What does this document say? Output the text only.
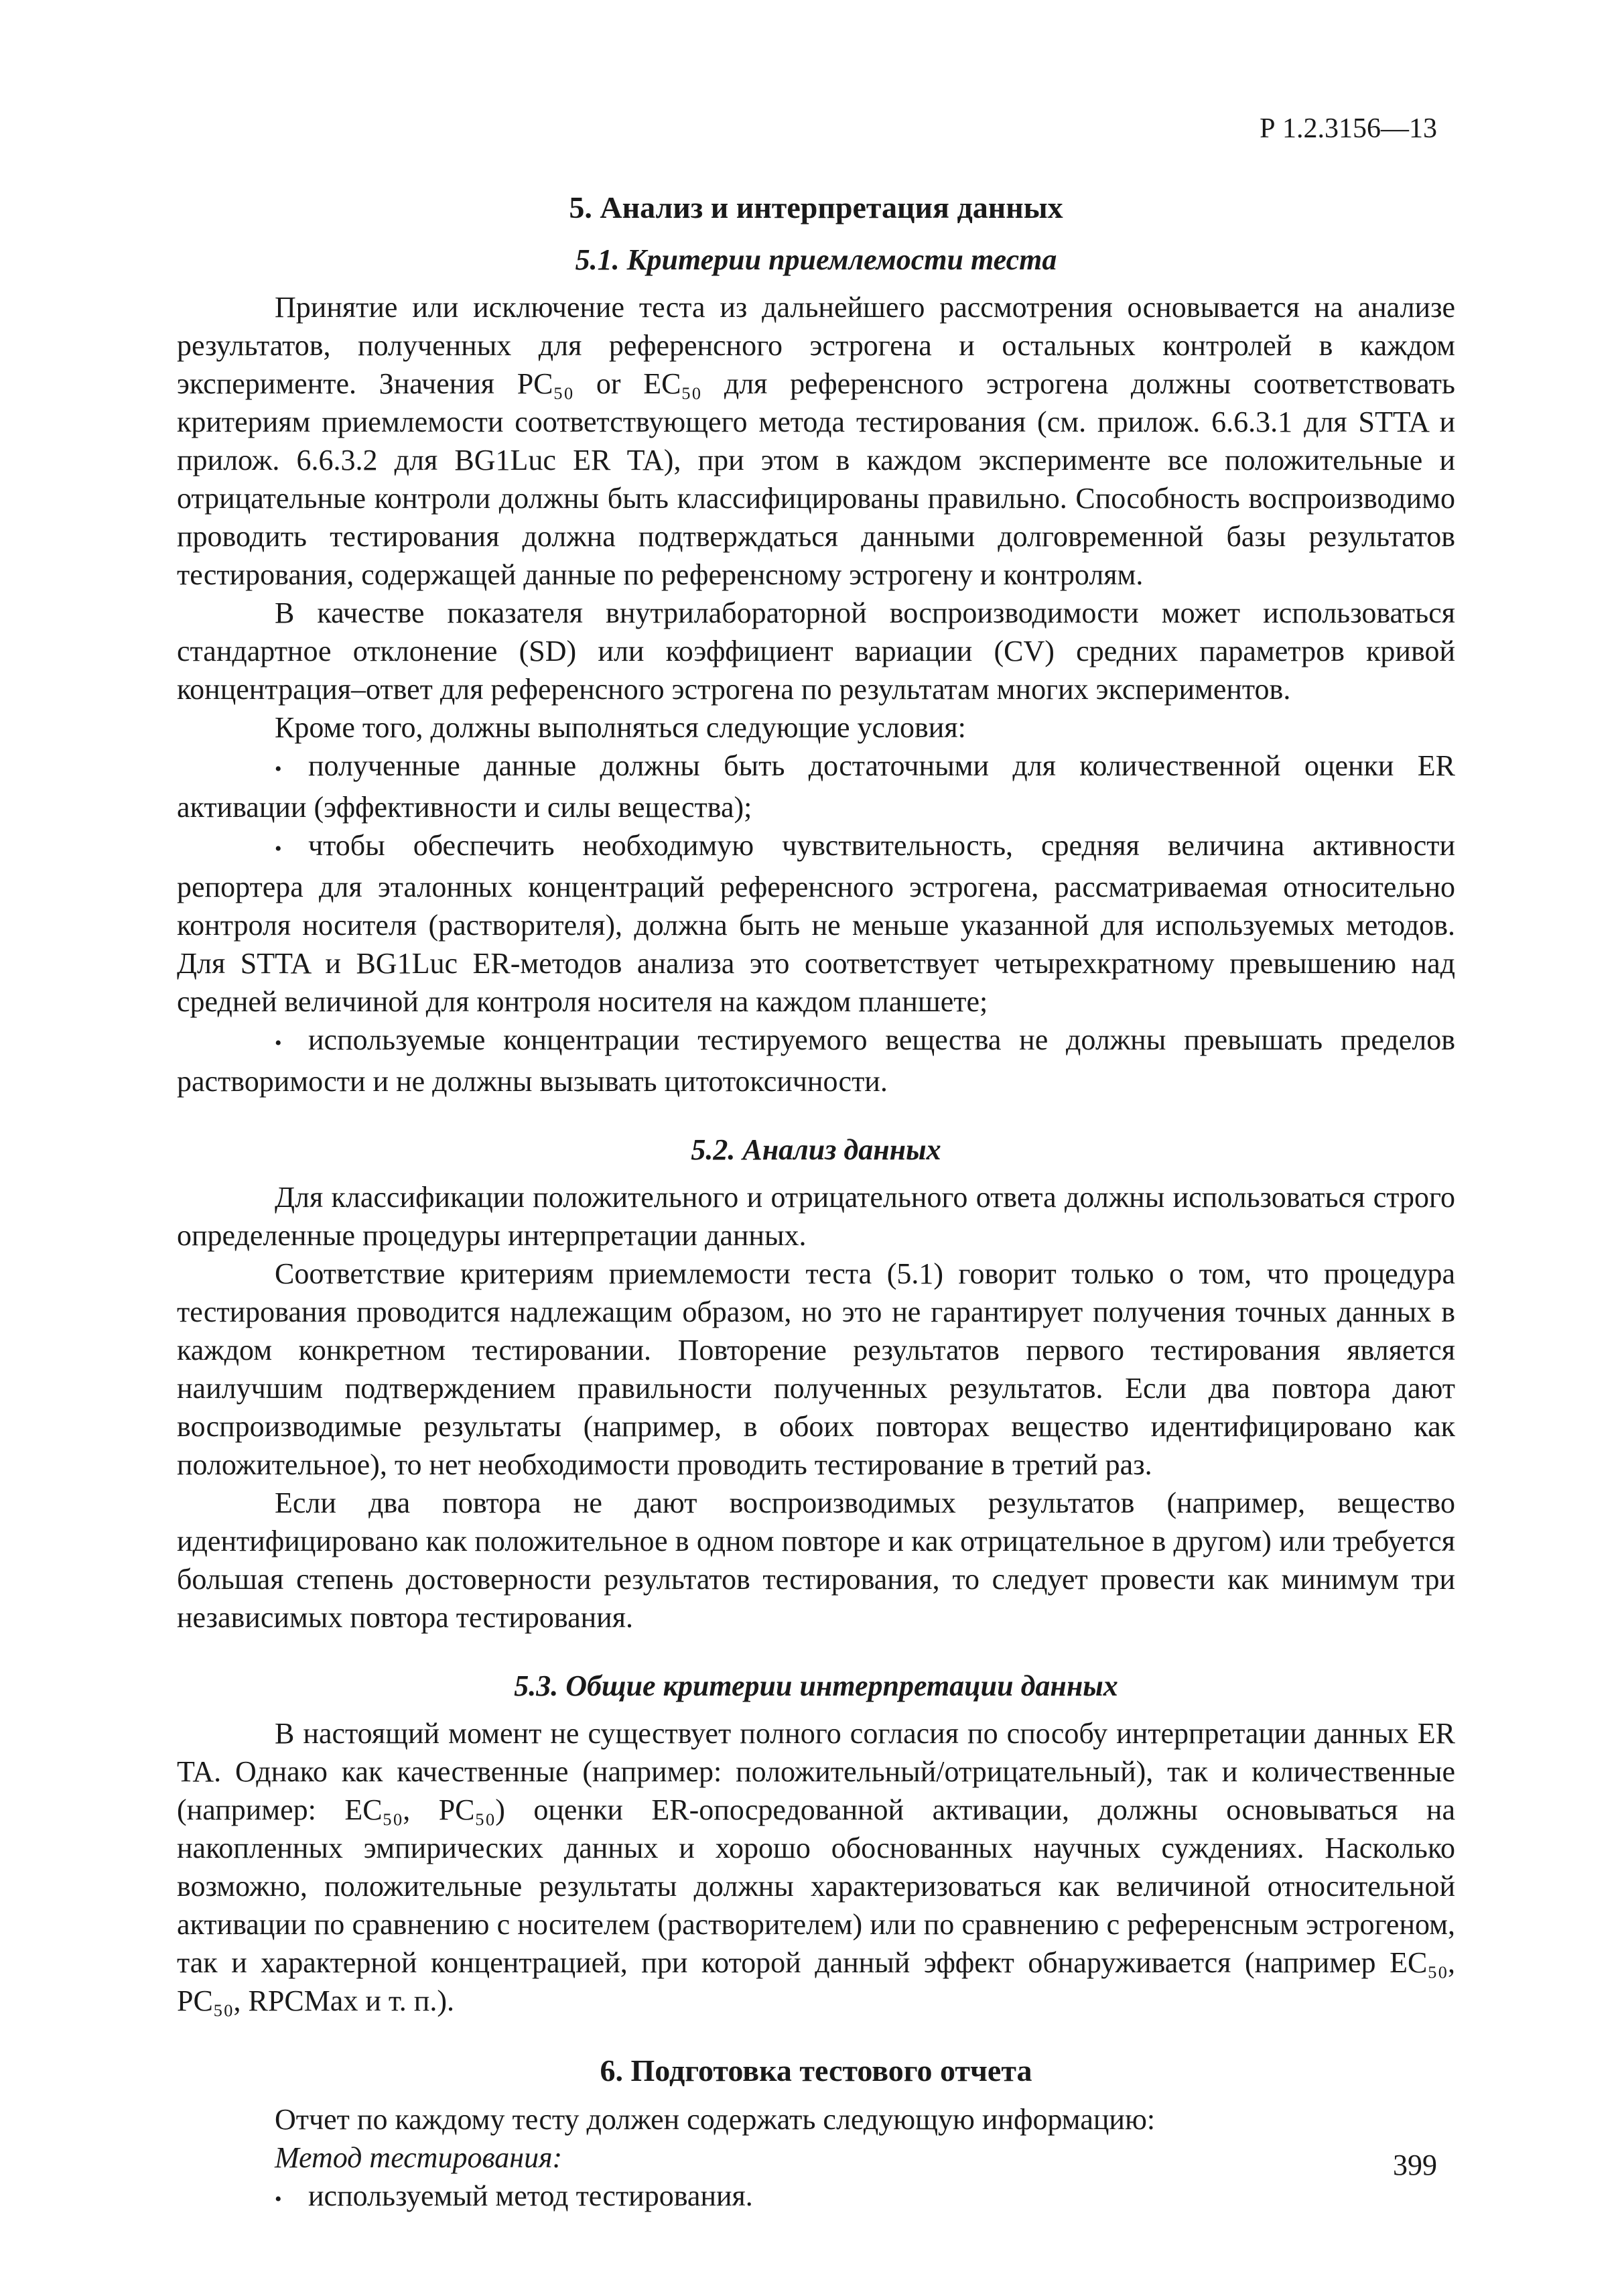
Р 1.2.3156—13
5. Анализ и интерпретация данных
5.1. Критерии приемлемости теста

Принятие или исключение теста из дальнейшего рассмотрения основывается на анализе результатов, полученных для референсного эстрогена и остальных контролей в каждом эксперименте. Значения PC₅₀ or EC₅₀ для референсного эстрогена должны соответствовать критериям приемлемости соответствующего метода тестирования (см. прилож. 6.6.3.1 для STTA и прилож. 6.6.3.2 для BG1Luc ER TA), при этом в каждом эксперименте все положительные и отрицательные контроли должны быть классифицированы правильно. Способность воспроизводимо проводить тестирования должна подтверждаться данными долговременной базы результатов тестирования, содержащей данные по референсному эстрогену и контролям.

В качестве показателя внутрилабораторной воспроизводимости может использоваться стандартное отклонение (SD) или коэффициент вариации (CV) средних параметров кривой концентрация–ответ для референсного эстрогена по результатам многих экспериментов.

Кроме того, должны выполняться следующие условия:

• полученные данные должны быть достаточными для количественной оценки ER активации (эффективности и силы вещества);

• чтобы обеспечить необходимую чувствительность, средняя величина активности репортера для эталонных концентраций референсного эстрогена, рассматриваемая относительно контроля носителя (растворителя), должна быть не меньше указанной для используемых методов. Для STTA и BG1Luc ER-методов анализа это соответствует четырехкратному превышению над средней величиной для контроля носителя на каждом планшете;

• используемые концентрации тестируемого вещества не должны превышать пределов растворимости и не должны вызывать цитотоксичности.

5.2. Анализ данных

Для классификации положительного и отрицательного ответа должны использоваться строго определенные процедуры интерпретации данных.

Соответствие критериям приемлемости теста (5.1) говорит только о том, что процедура тестирования проводится надлежащим образом, но это не гарантирует получения точных данных в каждом конкретном тестировании. Повторение результатов первого тестирования является наилучшим подтверждением правильности полученных результатов. Если два повтора дают воспроизводимые результаты (например, в обоих повторах вещество идентифицировано как положительное), то нет необходимости проводить тестирование в третий раз.

Если два повтора не дают воспроизводимых результатов (например, вещество идентифицировано как положительное в одном повторе и как отрицательное в другом) или требуется большая степень достоверности результатов тестирования, то следует провести как минимум три независимых повтора тестирования.

5.3. Общие критерии интерпретации данных

В настоящий момент не существует полного согласия по способу интерпретации данных ER TA. Однако как качественные (например: положительный/отрицательный), так и количественные (например: EC₅₀, PC₅₀) оценки ER-опосредованной активации, должны основываться на накопленных эмпирических данных и хорошо обоснованных научных суждениях. Насколько возможно, положительные результаты должны характеризоваться как величиной относительной активации по сравнению с носителем (растворителем) или по сравнению с референсным эстрогеном, так и характерной концентрацией, при которой данный эффект обнаруживается (например EC₅₀, PC₅₀, RPCMax и т. п.).

6. Подготовка тестового отчета

Отчет по каждому тесту должен содержать следующую информацию:

Метод тестирования:

• используемый метод тестирования.

399
